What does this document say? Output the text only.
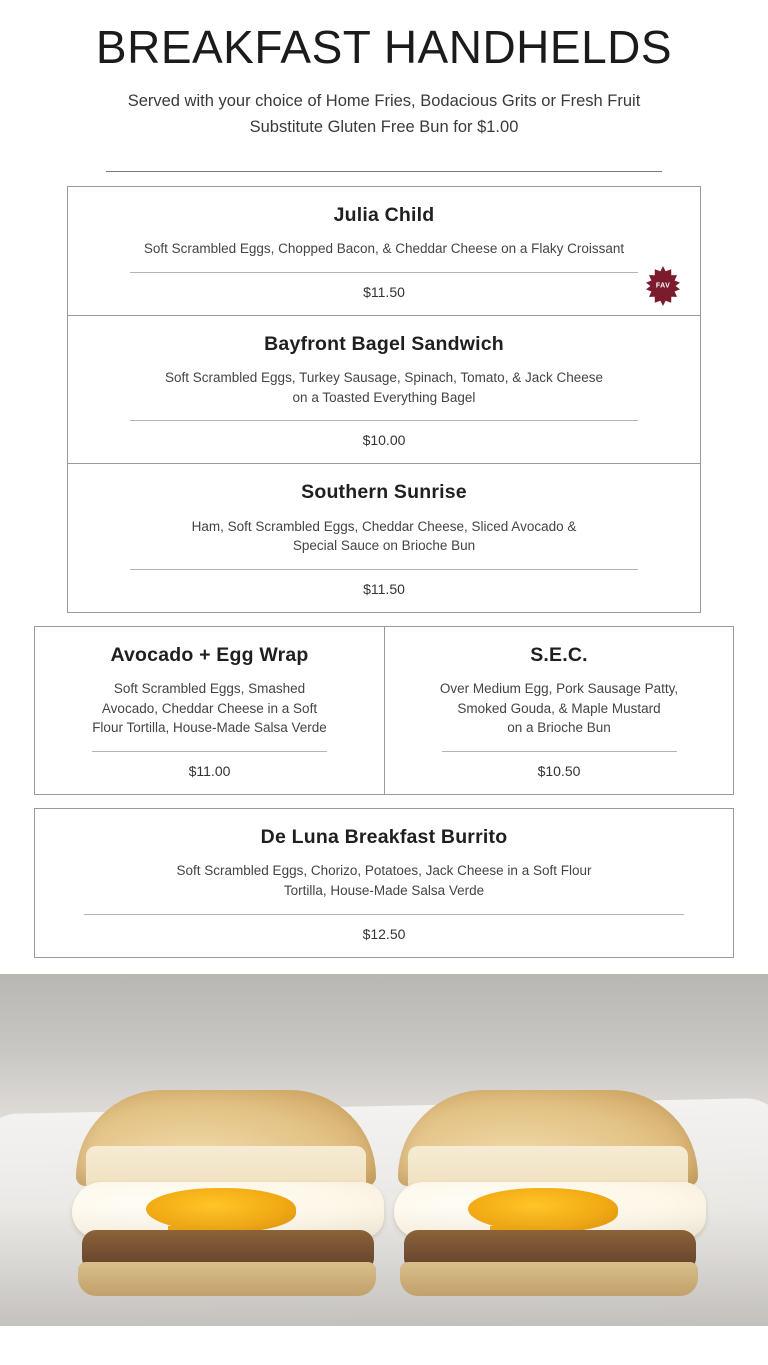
BREAKFAST HANDHELDS

Served with your choice of Home Fries, Bodacious Grits or Fresh Fruit

Substitute Gluten Free Bun for $1.00

Julia Child

Soft Scrambled Eggs, Chopped Bacon, & Cheddar Cheese on a Flaky Croissant

$11.50	FAV
Bayfront Bagel Sandwich

Soft Scrambled Eggs, Turkey Sausage, Spinach, Tomato, & Jack Cheese

on a Toasted Everything Bagel

$10.00

Southern Sunrise

Ham, Soft Scrambled Eggs, Cheddar Cheese, Sliced Avocado &

Special Sauce on Brioche Bun

$11.50

Avocado + Egg Wrap

Soft Scrambled Eggs, Smashed

Avocado, Cheddar Cheese in a Soft

Flour Tortilla, House-Made Salsa Verde

$11.00

S.E.C.

Over Medium Egg, Pork Sausage Patty,

Smoked Gouda, & Maple Mustard

on a Brioche Bun

$10.50

De Luna Breakfast Burrito

Soft Scrambled Eggs, Chorizo, Potatoes, Jack Cheese in a Soft Flour

Tortilla, House-Made Salsa Verde

$12.50
